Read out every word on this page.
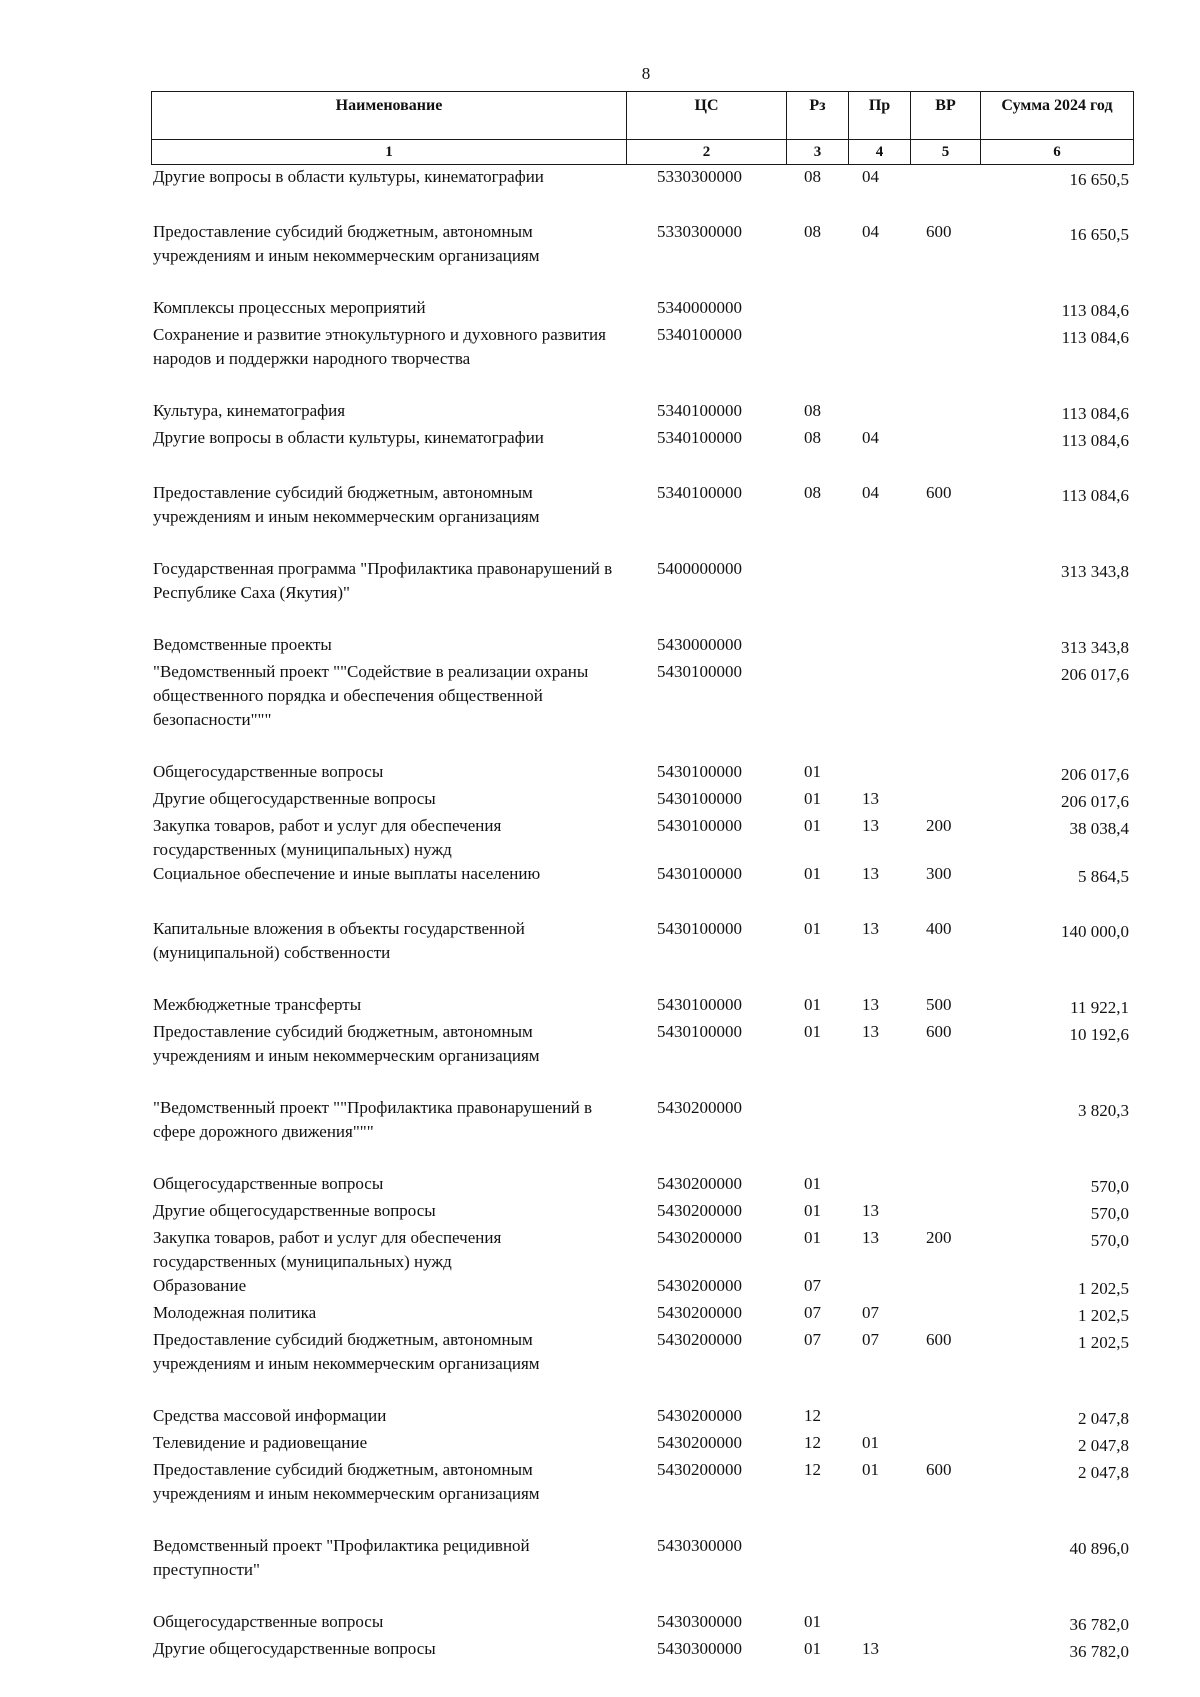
8
Наименование	ЦС	Рз	Пр	ВР	Сумма 2024 год
1	2	3	4	5	6
Другие вопросы в области культуры, кинематографии	5330300000	08	04		16 650,5
Предоставление субсидий бюджетным, автономным учреждениям и иным некоммерческим организациям	5330300000	08	04	600	16 650,5
Комплексы процессных мероприятий	5340000000				113 084,6
Сохранение и развитие этнокультурного и духовного развития народов и поддержки народного творчества	5340100000				113 084,6
Культура, кинематография	5340100000	08			113 084,6
Другие вопросы в области культуры, кинематографии	5340100000	08	04		113 084,6
Предоставление субсидий бюджетным, автономным учреждениям и иным некоммерческим организациям	5340100000	08	04	600	113 084,6
Государственная программа "Профилактика правонарушений в Республике Саха (Якутия)"	5400000000				313 343,8
Ведомственные проекты	5430000000				313 343,8
"Ведомственный проект ""Содействие в реализации охраны общественного порядка и обеспечения общественной безопасности"""	5430100000				206 017,6
Общегосударственные вопросы	5430100000	01			206 017,6
Другие общегосударственные вопросы	5430100000	01	13		206 017,6
Закупка товаров, работ и услуг для обеспечения государственных (муниципальных) нужд	5430100000	01	13	200	38 038,4
Социальное обеспечение и иные выплаты населению	5430100000	01	13	300	5 864,5
Капитальные вложения в объекты государственной (муниципальной) собственности	5430100000	01	13	400	140 000,0
Межбюджетные трансферты	5430100000	01	13	500	11 922,1
Предоставление субсидий бюджетным, автономным учреждениям и иным некоммерческим организациям	5430100000	01	13	600	10 192,6
"Ведомственный проект ""Профилактика правонарушений в сфере дорожного движения"""	5430200000				3 820,3
Общегосударственные вопросы	5430200000	01			570,0
Другие общегосударственные вопросы	5430200000	01	13		570,0
Закупка товаров, работ и услуг для обеспечения государственных (муниципальных) нужд	5430200000	01	13	200	570,0
Образование	5430200000	07			1 202,5
Молодежная политика	5430200000	07	07		1 202,5
Предоставление субсидий бюджетным, автономным учреждениям и иным некоммерческим организациям	5430200000	07	07	600	1 202,5
Средства массовой информации	5430200000	12			2 047,8
Телевидение и радиовещание	5430200000	12	01		2 047,8
Предоставление субсидий бюджетным, автономным учреждениям и иным некоммерческим организациям	5430200000	12	01	600	2 047,8
Ведомственный проект "Профилактика рецидивной преступности"	5430300000				40 896,0
Общегосударственные вопросы	5430300000	01			36 782,0
Другие общегосударственные вопросы	5430300000	01	13		36 782,0
